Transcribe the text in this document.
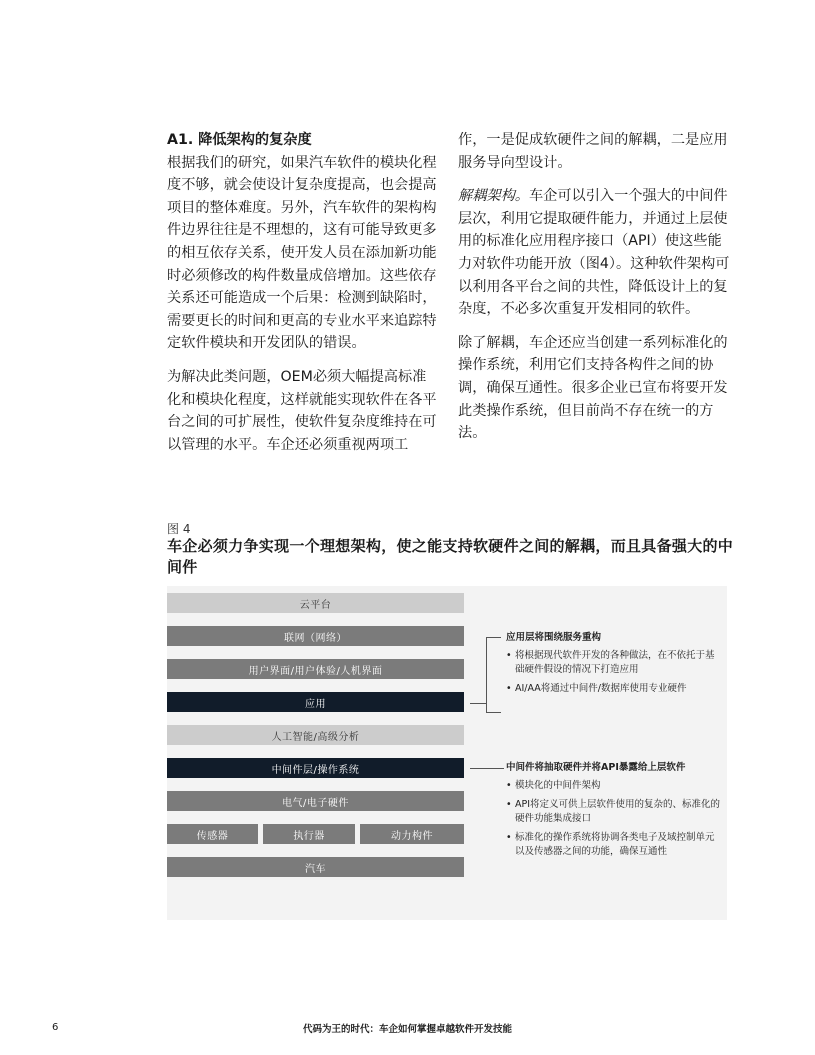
A1. 降低架构的复杂度

根据我们的研究，如果汽车软件的模块化程度不够，就会使设计复杂度提高，也会提高项目的整体难度。另外，汽车软件的架构构件边界往往是不理想的，这有可能导致更多的相互依存关系，使开发人员在添加新功能时必须修改的构件数量成倍增加。这些依存关系还可能造成一个后果：检测到缺陷时，需要更长的时间和更高的专业水平来追踪特定软件模块和开发团队的错误。

为解决此类问题，OEM必须大幅提高标准化和模块化程度，这样就能实现软件在各平台之间的可扩展性，使软件复杂度维持在可以管理的水平。车企还必须重视两项工

作，一是促成软硬件之间的解耦，二是应用服务导向型设计。

解耦架构。车企可以引入一个强大的中间件层次，利用它提取硬件能力，并通过上层使用的标准化应用程序接口（API）使这些能力对软件功能开放（图4）。这种软件架构可以利用各平台之间的共性，降低设计上的复杂度，不必多次重复开发相同的软件。

除了解耦，车企还应当创建一系列标准化的操作系统，利用它们支持各构件之间的协调，确保互通性。很多企业已宣布将要开发此类操作系统，但目前尚不存在统一的方法。

图 4
车企必须力争实现一个理想架构，使之能支持软硬件之间的解耦，而且具备强大的中间件
云平台
联网（网络）
用户界面/用户体验/人机界面
应用
人工智能/高级分析
中间件层/操作系统
电气/电子硬件
传感器	执行器	动力构件
汽车
应用层将围绕服务重构
• 将根据现代软件开发的各种做法，在不依托于基础硬件假设的情况下打造应用
• AI/AA将通过中间件/数据库使用专业硬件
中间件将抽取硬件并将API暴露给上层软件
• 模块化的中间件架构
• API将定义可供上层软件使用的复杂的、标准化的硬件功能集成接口
• 标准化的操作系统将协调各类电子及域控制单元以及传感器之间的功能，确保互通性
6	代码为王的时代：车企如何掌握卓越软件开发技能
